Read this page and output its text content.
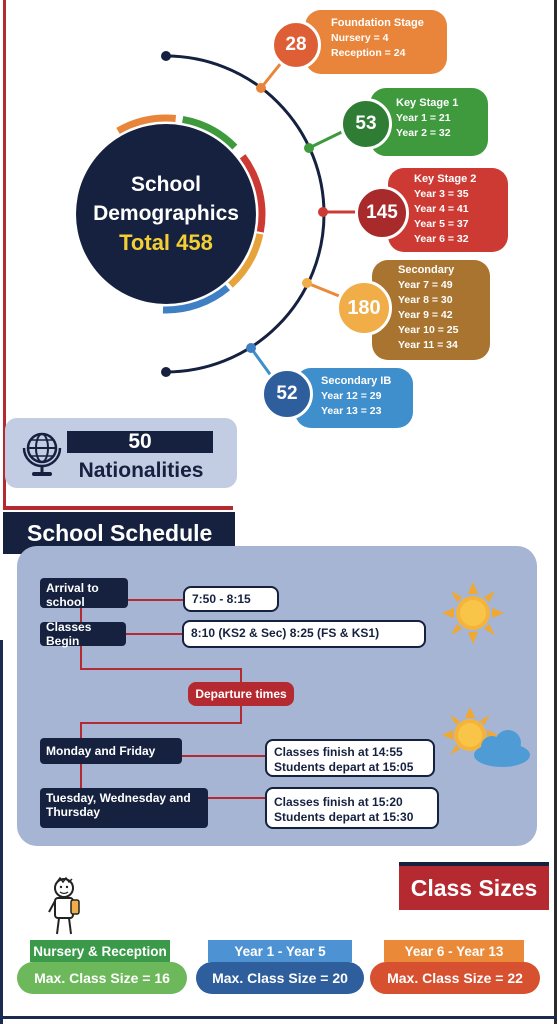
School
Demographics
Total 458
Foundation Stage
Nursery = 4
Reception = 24
28
Key Stage 1
Year 1 = 21
Year 2 = 32
53
Key Stage 2
Year 3 = 35
Year 4 = 41
Year 5 = 37
Year 6 = 32
145
Secondary
Year 7 = 49
Year 8 = 30
Year 9 = 42
Year 10 = 25
Year 11 = 34
180
Secondary IB
Year 12 = 29
Year 13 = 23
52
50
Nationalities
School Schedule
Arrival to school	7:50 - 8:15
Classes Begin
8:10 (KS2 & Sec) 8:25 (FS & KS1)
Departure times
Monday and Friday	Classes finish at 14:55
Students depart at 15:05
Tuesday, Wednesday and Thursday
Classes finish at 15:20
Students depart at 15:30
Class Sizes
Nursery & Reception
Max. Class Size = 16
Year 1 - Year 5
Max. Class Size = 20
Year 6 - Year 13
Max. Class Size = 22
